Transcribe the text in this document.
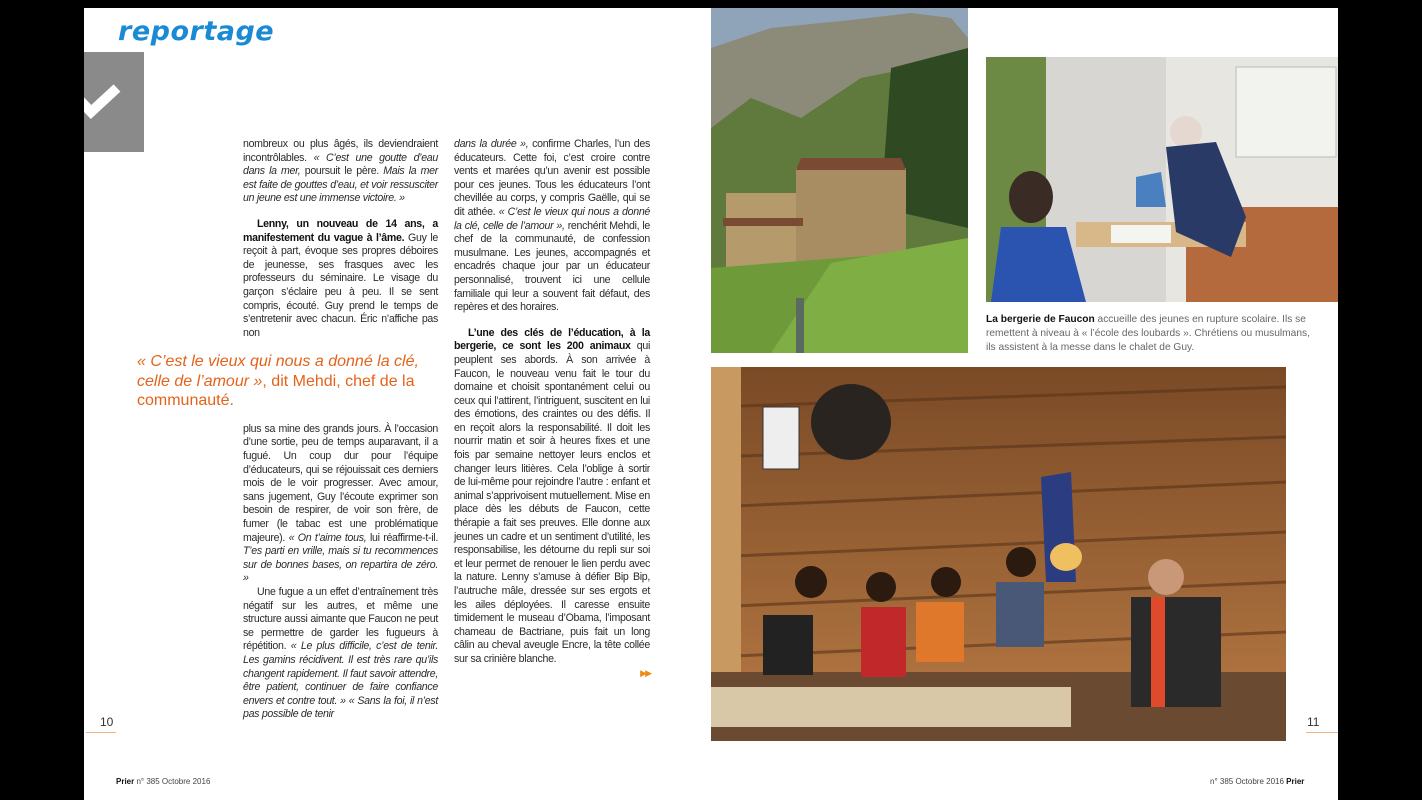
reportage

nombreux ou plus âgés, ils deviendraient incontrôlables. « C’est une goutte d’eau dans la mer, poursuit le père. Mais la mer est faite de gouttes d’eau, et voir ressusciter un jeune est une immense victoire. »

Lenny, un nouveau de 14 ans, a manifestement du vague à l’âme. Guy le reçoit à part, évoque ses propres déboires de jeunesse, ses frasques avec les professeurs du séminaire. Le visage du garçon s’éclaire peu à peu. Il se sent compris, écouté. Guy prend le temps de s’entretenir avec chacun. Éric n’affiche pas non

« C’est le vieux qui nous a donné la clé, celle de l’amour », dit Mehdi, chef de la communauté.

plus sa mine des grands jours. À l’occasion d’une sortie, peu de temps auparavant, il a fugué. Un coup dur pour l’équipe d’éducateurs, qui se réjouissait ces derniers mois de le voir progresser. Avec amour, sans jugement, Guy l’écoute exprimer son besoin de respirer, de voir son frère, de fumer (le tabac est une problématique majeure). « On t’aime tous, lui réaffirme-t-il. T’es parti en vrille, mais si tu recommences sur de bonnes bases, on repartira de zéro. »

Une fugue a un effet d’entraînement très négatif sur les autres, et même une structure aussi aimante que Faucon ne peut se permettre de garder les fugueurs à répétition. « Le plus difficile, c’est de tenir. Les gamins récidivent. Il est très rare qu’ils changent rapidement. Il faut savoir attendre, être patient, continuer de faire confiance envers et contre tout. » « Sans la foi, il n’est pas possible de tenir

dans la durée », confirme Charles, l’un des éducateurs. Cette foi, c’est croire contre vents et marées qu’un avenir est possible pour ces jeunes. Tous les éducateurs l’ont chevillée au corps, y compris Gaëlle, qui se dit athée. « C’est le vieux qui nous a donné la clé, celle de l’amour », renchérit Mehdi, le chef de la communauté, de confession musulmane. Les jeunes, accompagnés et encadrés chaque jour par un éducateur personnalisé, trouvent ici une cellule familiale qui leur a souvent fait défaut, des repères et des horaires.

L’une des clés de l’éducation, à la bergerie, ce sont les 200 animaux qui peuplent ses abords. À son arrivée à Faucon, le nouveau venu fait le tour du domaine et choisit spontanément celui ou ceux qui l’attirent, l’intriguent, suscitent en lui des émotions, des craintes ou des défis. Il en reçoit alors la responsabilité. Il doit les nourrir matin et soir à heures fixes et une fois par semaine nettoyer leurs enclos et changer leurs litières. Cela l’oblige à sortir de lui-même pour rejoindre l’autre : enfant et animal s’apprivoisent mutuellement. Mise en place dès les débuts de Faucon, cette thérapie a fait ses preuves. Elle donne aux jeunes un cadre et un sentiment d’utilité, les responsabilise, les détourne du repli sur soi et leur permet de renouer le lien perdu avec la nature. Lenny s’amuse à défier Bip Bip, l’autruche mâle, dressée sur ses ergots et les ailes déployées. Il caresse ensuite timidement le museau d’Obama, l’imposant chameau de Bactriane, puis fait un long câlin au cheval aveugle Encre, la tête collée sur sa crinière blanche.

▶▶
10	11
Prier n° 385 Octobre 2016	n° 385 Octobre 2016 Prier
La bergerie de Faucon accueille des jeunes en rupture scolaire. Ils se remettent à niveau à « l’école des loubards ». Chrétiens ou musulmans, ils assistent à la messe dans le chalet de Guy.
